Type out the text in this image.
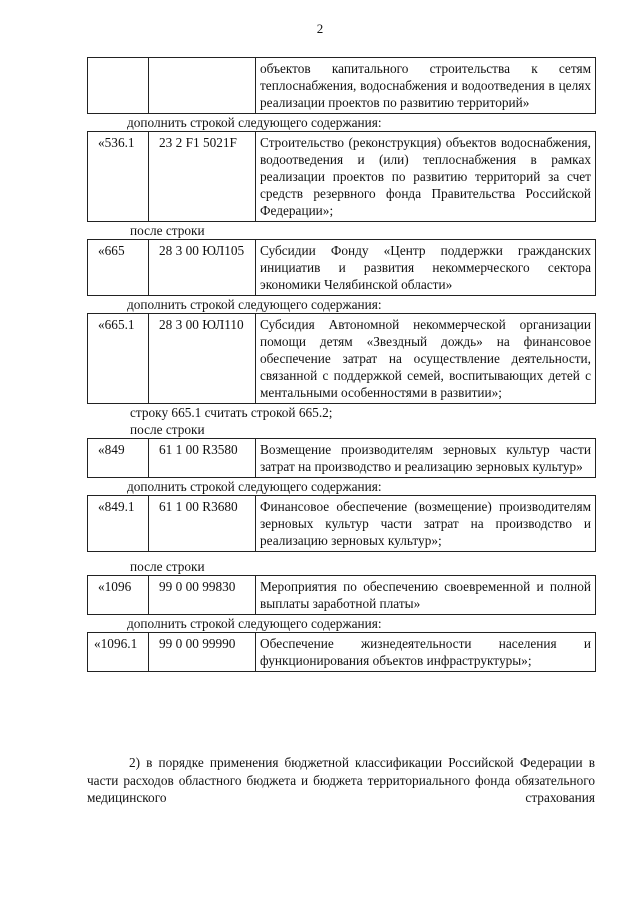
2
		объектов капитального строительства к сетям теплоснабжения, водоснабжения и водоотведения в целях реализации проектов по развитию территорий»
дополнить строкой следующего содержания:
«536.1	23 2 F1 5021F	Строительство (реконструкция) объектов водоснабжения, водоотведения и (или) теплоснабжения в рамках реализации проектов по развитию территорий за счет средств резервного фонда Правительства Российской Федерации»;
после строки
«665	28 3 00 ЮЛ105	Субсидии Фонду «Центр поддержки гражданских инициатив и развития некоммерческого сектора экономики Челябинской области»
дополнить строкой следующего содержания:
«665.1	28 3 00 ЮЛ110	Субсидия Автономной некоммерческой организации помощи детям «Звездный дождь» на финансовое обеспечение затрат на осуществление деятельности, связанной с поддержкой семей, воспитывающих детей с ментальными особенностями в развитии»;
строку 665.1 считать строкой 665.2;
после строки
«849	61 1 00 R3580	Возмещение производителям зерновых культур части затрат на производство и реализацию зерновых культур»
дополнить строкой следующего содержания:
«849.1	61 1 00 R3680	Финансовое обеспечение (возмещение) производителям зерновых культур части затрат на производство и реализацию зерновых культур»;
после строки
«1096	99 0 00 99830	Мероприятия по обеспечению своевременной и полной выплаты заработной платы»
дополнить строкой следующего содержания:
«1096.1	99 0 00 99990	Обеспечение жизнедеятельности населения и функционирования объектов инфраструктуры»;
2) в порядке применения бюджетной классификации Российской Федерации в части расходов областного бюджета и бюджета территориального фонда обязательного медицинского страхования
